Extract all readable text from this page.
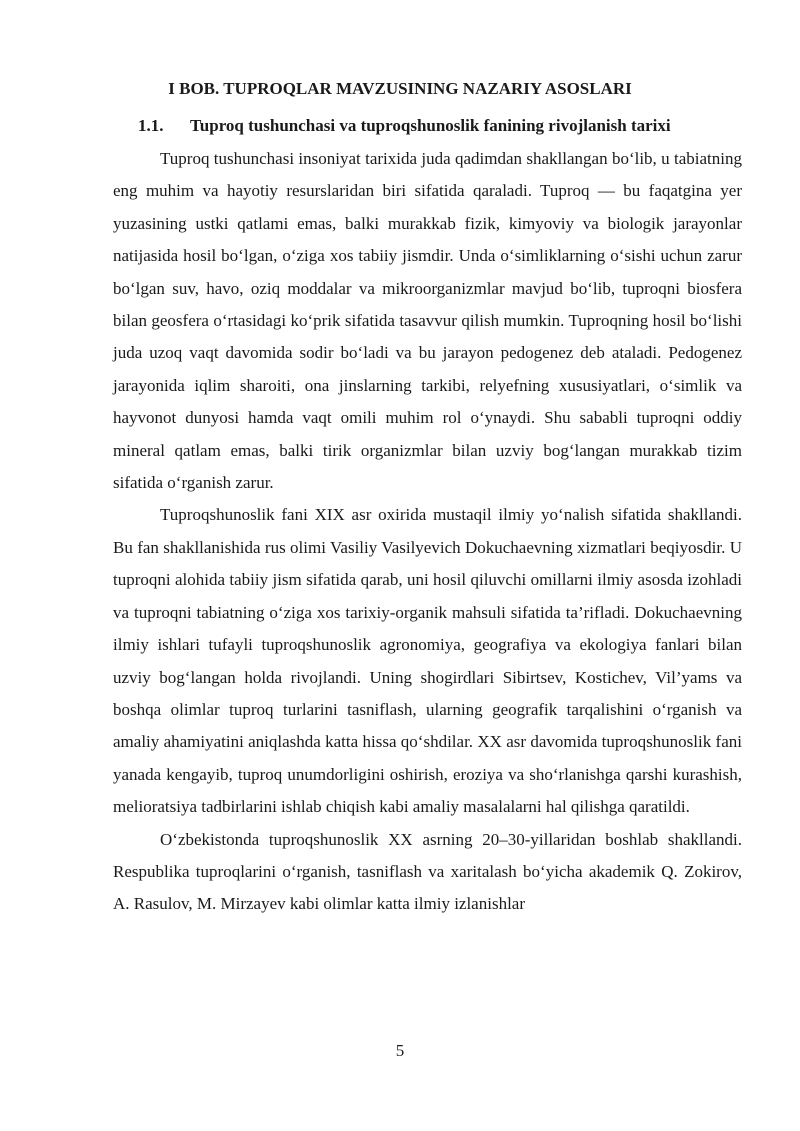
I BOB. TUPROQLAR MAVZUSINING NAZARIY ASOSLARI
1.1. Tuproq tushunchasi va tuproqshunoslik fanining rivojlanish tarixi

Tuproq tushunchasi insoniyat tarixida juda qadimdan shakllangan bo‘lib, u tabiatning eng muhim va hayotiy resurslaridan biri sifatida qaraladi. Tuproq — bu faqatgina yer yuzasining ustki qatlami emas, balki murakkab fizik, kimyoviy va biologik jarayonlar natijasida hosil bo‘lgan, o‘ziga xos tabiiy jismdir. Unda o‘simliklarning o‘sishi uchun zarur bo‘lgan suv, havo, oziq moddalar va mikroorganizmlar mavjud bo‘lib, tuproqni biosfera bilan geosfera o‘rtasidagi ko‘prik sifatida tasavvur qilish mumkin. Tuproqning hosil bo‘lishi juda uzoq vaqt davomida sodir bo‘ladi va bu jarayon pedogenez deb ataladi. Pedogenez jarayonida iqlim sharoiti, ona jinslarning tarkibi, relyefning xususiyatlari, o‘simlik va hayvonot dunyosi hamda vaqt omili muhim rol o‘ynaydi. Shu sababli tuproqni oddiy mineral qatlam emas, balki tirik organizmlar bilan uzviy bog‘langan murakkab tizim sifatida o‘rganish zarur.

Tuproqshunoslik fani XIX asr oxirida mustaqil ilmiy yo‘nalish sifatida shakllandi. Bu fan shakllanishida rus olimi Vasiliy Vasilyevich Dokuchaevning xizmatlari beqiyosdir. U tuproqni alohida tabiiy jism sifatida qarab, uni hosil qiluvchi omillarni ilmiy asosda izohladi va tuproqni tabiatning o‘ziga xos tarixiy-organik mahsuli sifatida ta’rifladi. Dokuchaevning ilmiy ishlari tufayli tuproqshunoslik agronomiya, geografiya va ekologiya fanlari bilan uzviy bog‘langan holda rivojlandi. Uning shogirdlari Sibirtsev, Kostichev, Vil’yams va boshqa olimlar tuproq turlarini tasniflash, ularning geografik tarqalishini o‘rganish va amaliy ahamiyatini aniqlashda katta hissa qo‘shdilar. XX asr davomida tuproqshunoslik fani yanada kengayib, tuproq unumdorligini oshirish, eroziya va sho‘rlanishga qarshi kurashish, melioratsiya tadbirlarini ishlab chiqish kabi amaliy masalalarni hal qilishga qaratildi.

O‘zbekistonda tuproqshunoslik XX asrning 20–30-yillaridan boshlab shakllandi. Respublika tuproqlarini o‘rganish, tasniflash va xaritalash bo‘yicha akademik Q. Zokirov, A. Rasulov, M. Mirzayev kabi olimlar katta ilmiy izlanishlar

5
